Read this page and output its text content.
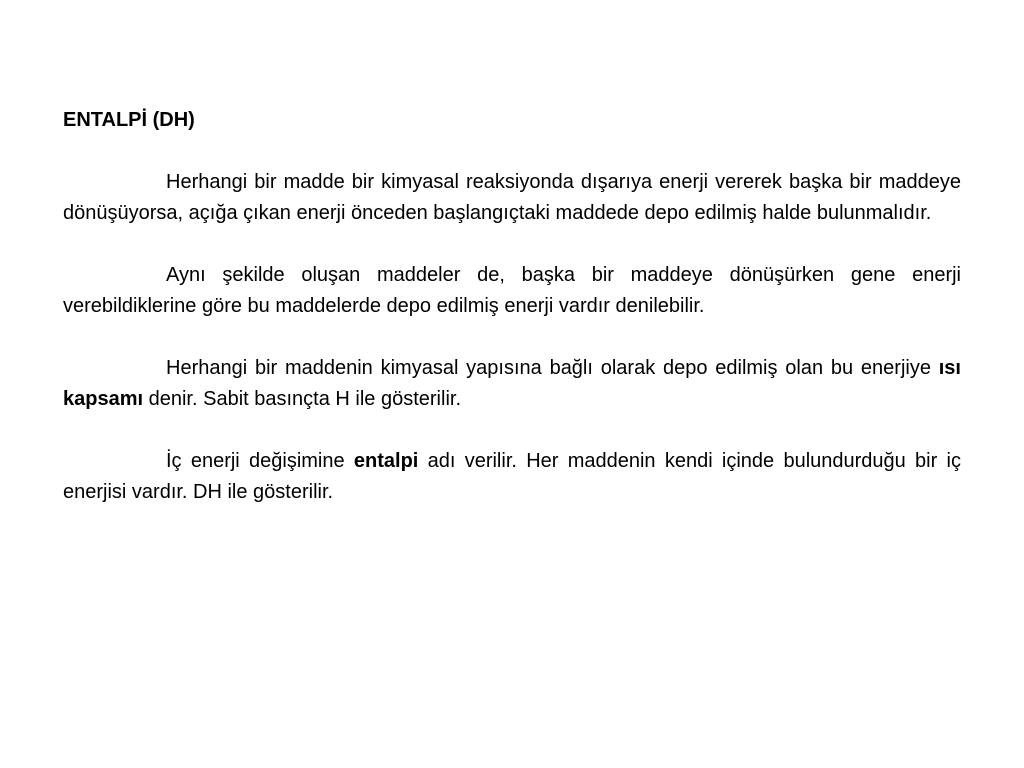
ENTALPİ (DH)

Herhangi bir madde bir kimyasal reaksiyonda dışarıya enerji vererek başka bir maddeye dönüşüyorsa, açığa çıkan enerji önceden başlangıçtaki maddede depo edilmiş halde bulunmalıdır.

Aynı şekilde oluşan maddeler de, başka bir maddeye dönüşürken gene enerji verebildiklerine göre bu maddelerde depo edilmiş enerji vardır denilebilir.

Herhangi bir maddenin kimyasal yapısına bağlı olarak depo edilmiş olan bu enerjiye ısı kapsamı denir. Sabit basınçta H ile gösterilir.

İç enerji değişimine entalpi adı verilir. Her maddenin kendi içinde bulundurduğu bir iç enerjisi vardır. DH ile gösterilir.
